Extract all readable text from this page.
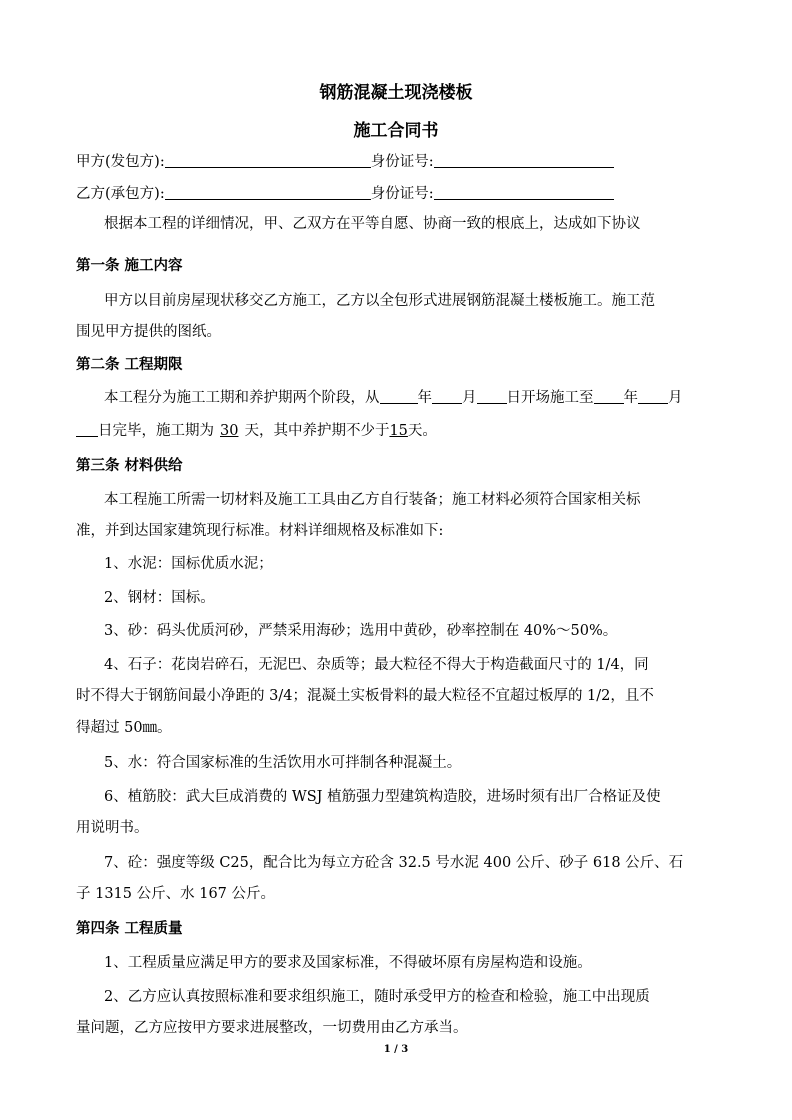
钢筋混凝土现浇楼板
施工合同书
甲方(发包方):	身份证号:
乙方(承包方):	身份证号:
根据本工程的详细情况，甲、乙双方在平等自愿、协商一致的根底上，达成如下协议
第一条 施工内容
甲方以目前房屋现状移交乙方施工，乙方以全包形式进展钢筋混凝土楼板施工。施工范
围见甲方提供的图纸。
第二条 工程期限
本工程分为施工工期和养护期两个阶段，从	年 月 日开场施工至 年 月
日完毕，施工期为 30 天，其中养护期不少于15天。
第三条 材料供给
本工程施工所需一切材料及施工工具由乙方自行装备；施工材料必须符合国家相关标
准，并到达国家建筑现行标准。材料详细规格及标准如下:
1、水泥：国标优质水泥；
2、钢材：国标。
3、砂：码头优质河砂，严禁采用海砂；选用中黄砂，砂率控制在 40%～50%。
4、石子：花岗岩碎石，无泥巴、杂质等；最大粒径不得大于构造截面尺寸的 1/4，同
时不得大于钢筋间最小净距的 3/4；混凝土实板骨料的最大粒径不宜超过板厚的 1/2，且不
得超过 50㎜。
5、水：符合国家标准的生活饮用水可拌制各种混凝土。
6、植筋胶：武大巨成消费的 WSJ 植筋强力型建筑构造胶，进场时须有出厂合格证及使
用说明书。
7、砼：强度等级 C25，配合比为每立方砼含 32.5 号水泥 400 公斤、砂子 618 公斤、石
子 1315 公斤、水 167 公斤。
第四条 工程质量
1、工程质量应满足甲方的要求及国家标准，不得破坏原有房屋构造和设施。
2、乙方应认真按照标准和要求组织施工，随时承受甲方的检查和检验，施工中出现质
量问题，乙方应按甲方要求进展整改，一切费用由乙方承当。
1 / 3
